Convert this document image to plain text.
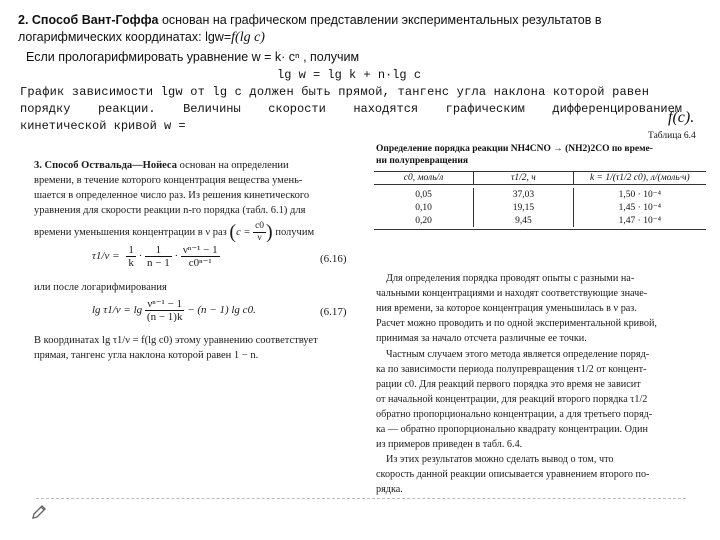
2. Способ Вант-Гоффа основан на графическом представлении экспериментальных результатов в
логарифмических координатах: lgw=f(lg c)
Если прологарифмировать уравнение w = k· cⁿ , получим
lg w = lg k + n·lg c
График зависимости lgw от lg c должен быть прямой, тангенс угла наклона которой равен
порядку реакции. Величины скорости находятся графическим дифференцированием
кинетической кривой w =	f(c).
3. Способ Оствальда—Нойеса основан на определении
времени, в течение которого концентрация вещества умень-
шается в определенное число раз. Из решения кинетического
уравнения для скорости реакции n-го порядка (табл. 6.1) для
времени уменьшения концентрации в ν раз ($c = \frac{c0}{\nu}$ ) получим
$\tau 1/\nu = \frac{1}{k} \cdot \frac{1}{n - 1} \cdot \frac{\text{νⁿ⁻¹ − 1}}{\text{c0ⁿ⁻¹}}$	(6.16)
или после логарифмирования
$\lg \tau 1/\nu = \lg \frac{\text{νⁿ⁻¹ − 1}}{(n - 1)k} - (n - 1)$ lg c0.	(6.17)
В координатах lg τ1/ν = f(lg c0) этому уравнению соответствует
прямая, тангенс угла наклона которой равен 1 − n.
Таблица 6.4
Определение порядка реакции NH4CNO → (NH2)2CO по време-
ни полупревращения
c0, моль/л	τ1/2, ч	k = 1/(τ1/2 c0), л/(моль·ч)
0,05	37,03	1,50 · 10⁻⁴
0,10	19,15	1,45 · 10⁻⁴
0,20	9,45	1,47 · 10⁻⁴
Для определения порядка проводят опыты с разными на-
чальными концентрациями и находят соответствующие значе-
ния времени, за которое концентрация уменьшилась в ν раз.
Расчет можно проводить и по одной экспериментальной кривой,
принимая за начало отсчета различные ее точки.
Частным случаем этого метода является определение поряд-
ка по зависимости периода полупревращения τ1/2 от концент-
рации c0. Для реакций первого порядка это время не зависит
от начальной концентрации, для реакций второго порядка τ1/2
обратно пропорционально концентрации, а для третьего поряд-
ка — обратно пропорционально квадрату концентрации. Один
из примеров приведен в табл. 6.4.
Из этих результатов можно сделать вывод о том, что
скорость данной реакции описывается уравнением второго по-
рядка.
